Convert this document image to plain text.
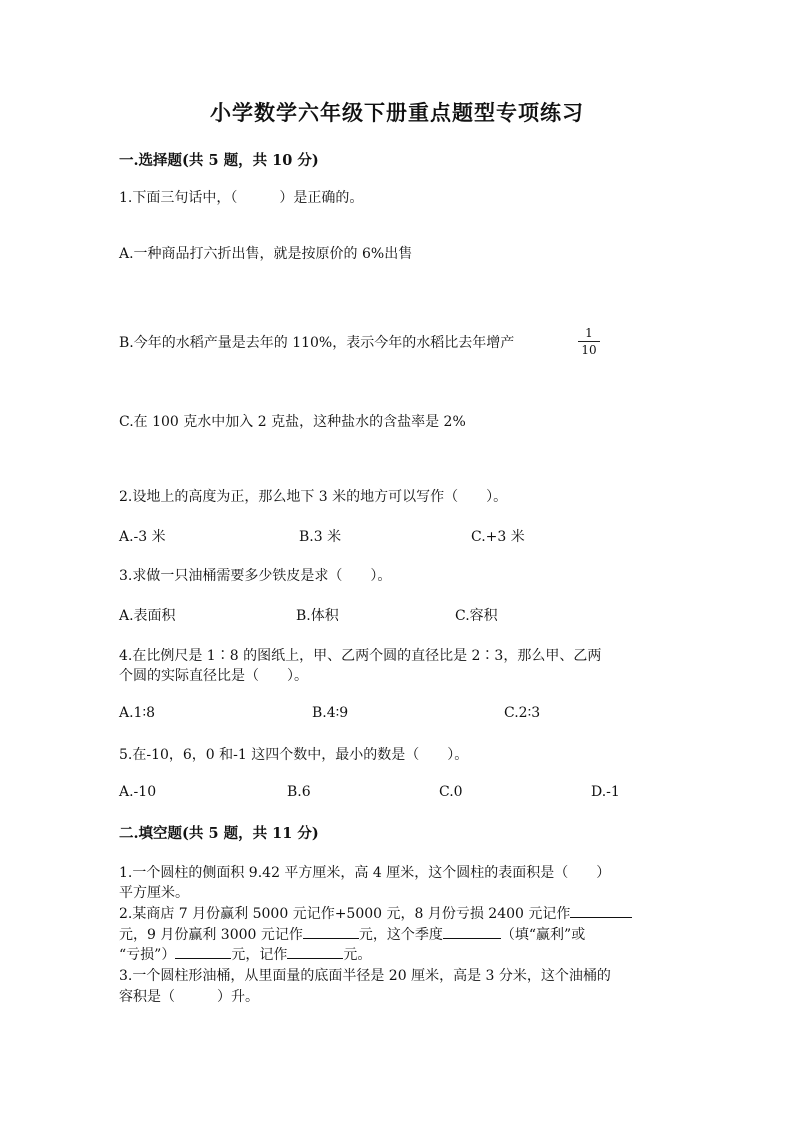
小学数学六年级下册重点题型专项练习
一.选择题(共 5 题，共 10 分)
1.下面三句话中，（　　　）是正确的。
A.一种商品打六折出售，就是按原价的 6%出售
B.今年的水稻产量是去年的 110%，表示今年的水稻比去年增产
1
10
C.在 100 克水中加入 2 克盐，这种盐水的含盐率是 2%
2.设地上的高度为正，那么地下 3 米的地方可以写作（　　）。
A.-3 米	B.3 米	C.+3 米
3.求做一只油桶需要多少铁皮是求（　　）。
A.表面积	B.体积	C.容积
4.在比例尺是 1∶8 的图纸上，甲、乙两个圆的直径比是 2∶3，那么甲、乙两
个圆的实际直径比是（　　）。
A.1∶8	B.4∶9	C.2∶3
5.在-10，6，0 和-1 这四个数中，最小的数是（　　）。
A.-10	B.6	C.0	D.-1
二.填空题(共 5 题，共 11 分)
1.一个圆柱的侧面积 9.42 平方厘米，高 4 厘米，这个圆柱的表面积是（　　）
平方厘米。
2.某商店 7 月份赢利 5000 元记作+5000 元，8 月份亏损 2400 元记作
元，9 月份赢利 3000 元记作	元，这个季度	（填“赢利”或
“亏损”）	元，记作	元。
3.一个圆柱形油桶，从里面量的底面半径是 20 厘米，高是 3 分米，这个油桶的
容积是（　　　）升。
